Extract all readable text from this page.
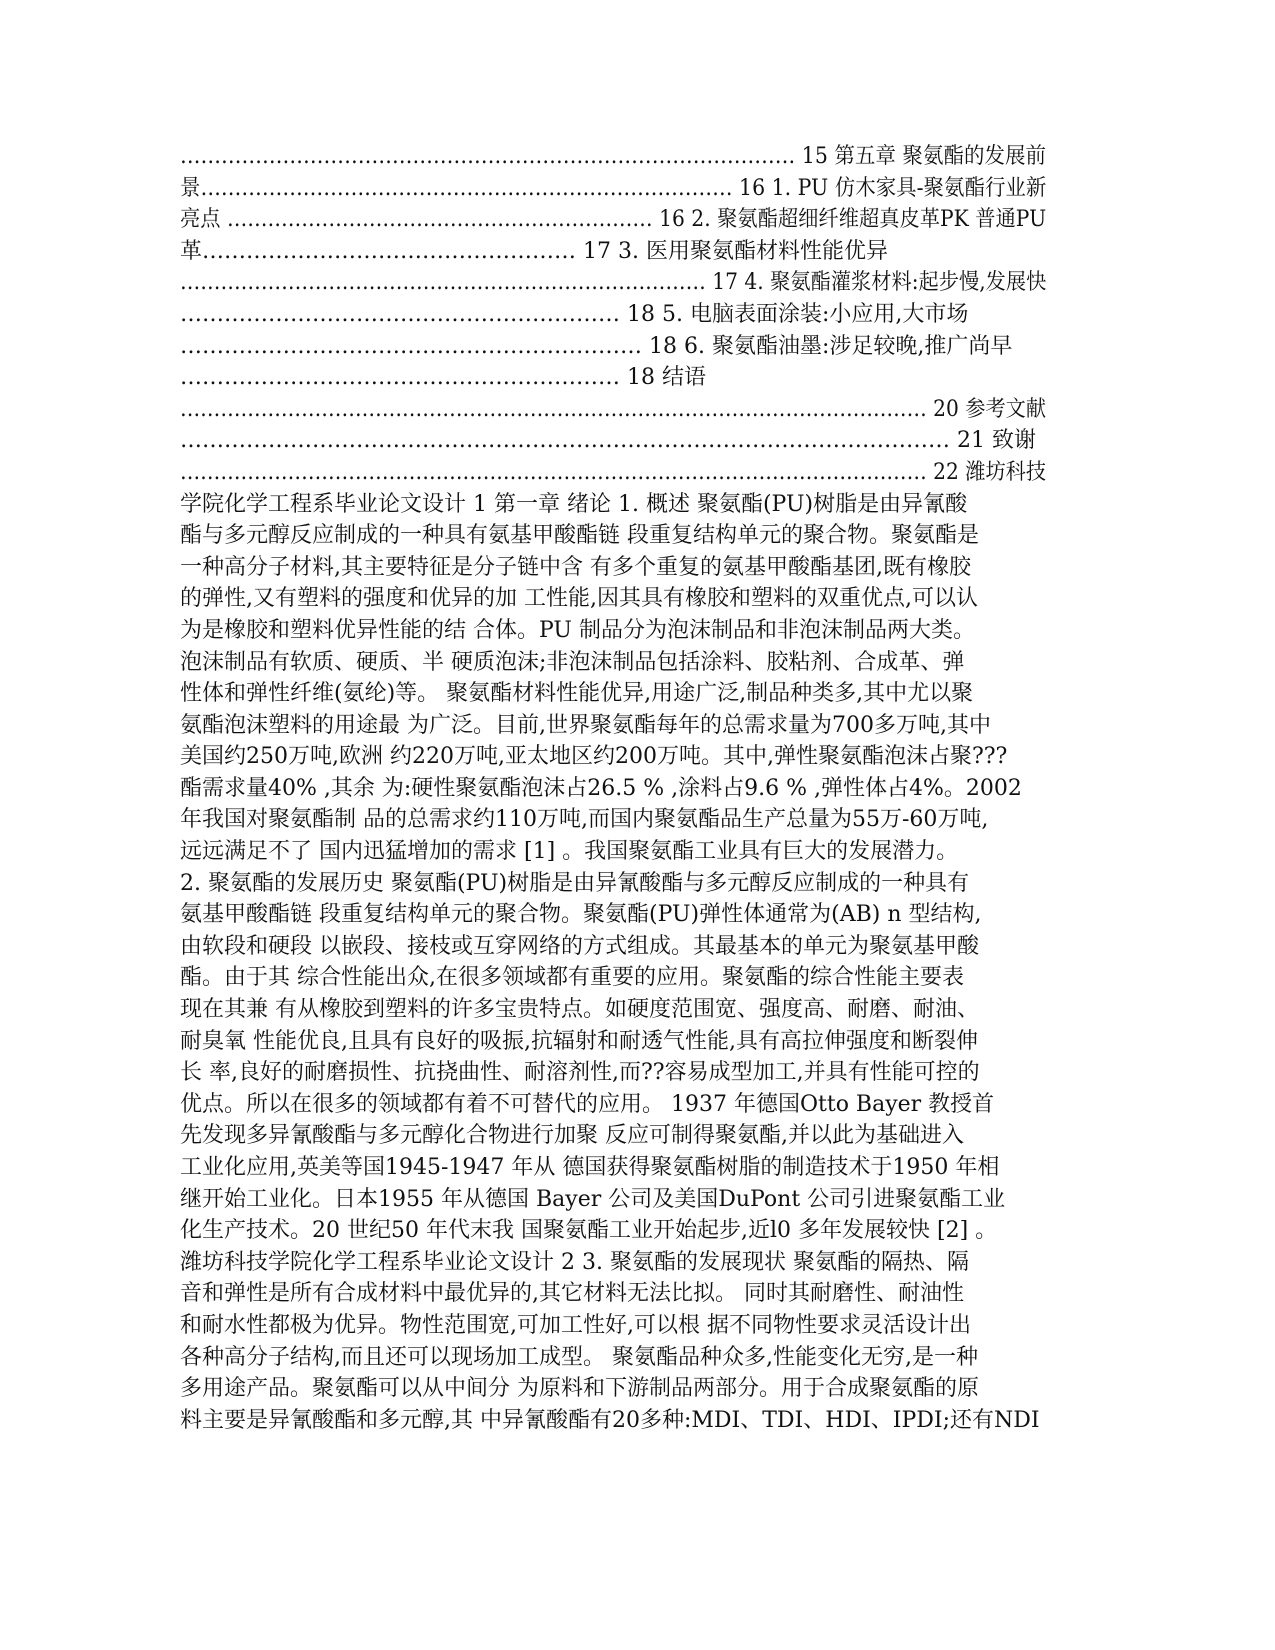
……………………………………………………………………………… 15 第五章 聚氨酯的发展前
景…………………………………………………………………… 16 1. PU 仿木家具-聚氨酯行业新
亮点 ……………………………………………………… 16 2. 聚氨酯超细纤维超真皮革PK 普通PU
革…………………………………………… 17 3. 医用聚氨酯材料性能优异
…………………………………………………………………… 17 4. 聚氨酯灌浆材料:起步慢,发展快
…………………………………………………… 18 5. 电脑表面涂装:小应用,大市场
……………………………………………………… 18 6. 聚氨酯油墨:涉足较晚,推广尚早
…………………………………………………… 18 结语
………………………………………………………………………………………………… 20 参考文献
…………………………………………………………………………………………… 21 致谢
………………………………………………………………………………………………… 22 潍坊科技
学院化学工程系毕业论文设计 1 第一章 绪论 1. 概述 聚氨酯(PU)树脂是由异氰酸
酯与多元醇反应制成的一种具有氨基甲酸酯链 段重复结构单元的聚合物。聚氨酯是
一种高分子材料,其主要特征是分子链中含 有多个重复的氨基甲酸酯基团,既有橡胶
的弹性,又有塑料的强度和优异的加 工性能,因其具有橡胶和塑料的双重优点,可以认
为是橡胶和塑料优异性能的结 合体。PU 制品分为泡沫制品和非泡沫制品两大类。
泡沫制品有软质、硬质、半 硬质泡沫;非泡沫制品包括涂料、胶粘剂、合成革、弹
性体和弹性纤维(氨纶)等。 聚氨酯材料性能优异,用途广泛,制品种类多,其中尤以聚
氨酯泡沫塑料的用途最 为广泛。目前,世界聚氨酯每年的总需求量为700多万吨,其中
美国约250万吨,欧洲 约220万吨,亚太地区约200万吨。其中,弹性聚氨酯泡沫占聚???
酯需求量40% ,其余 为:硬性聚氨酯泡沫占26.5 % ,涂料占9.6 % ,弹性体占4%。2002
年我国对聚氨酯制 品的总需求约110万吨,而国内聚氨酯品生产总量为55万-60万吨,
远远满足不了 国内迅猛增加的需求 [1] 。我国聚氨酯工业具有巨大的发展潜力。
2. 聚氨酯的发展历史 聚氨酯(PU)树脂是由异氰酸酯与多元醇反应制成的一种具有
氨基甲酸酯链 段重复结构单元的聚合物。聚氨酯(PU)弹性体通常为(AB) n 型结构,
由软段和硬段 以嵌段、接枝或互穿网络的方式组成。其最基本的单元为聚氨基甲酸
酯。由于其 综合性能出众,在很多领域都有重要的应用。聚氨酯的综合性能主要表
现在其兼 有从橡胶到塑料的许多宝贵特点。如硬度范围宽、强度高、耐磨、耐油、
耐臭氧 性能优良,且具有良好的吸振,抗辐射和耐透气性能,具有高拉伸强度和断裂伸
长 率,良好的耐磨损性、抗挠曲性、耐溶剂性,而??容易成型加工,并具有性能可控的
优点。所以在很多的领域都有着不可替代的应用。 1937 年德国Otto Bayer 教授首
先发现多异氰酸酯与多元醇化合物进行加聚 反应可制得聚氨酯,并以此为基础进入
工业化应用,英美等国1945-1947 年从 德国获得聚氨酯树脂的制造技术于1950 年相
继开始工业化。日本1955 年从德国 Bayer 公司及美国DuPont 公司引进聚氨酯工业
化生产技术。20 世纪50 年代末我 国聚氨酯工业开始起步,近l0 多年发展较快 [2] 。
潍坊科技学院化学工程系毕业论文设计 2 3. 聚氨酯的发展现状 聚氨酯的隔热、隔
音和弹性是所有合成材料中最优异的,其它材料无法比拟。 同时其耐磨性、耐油性
和耐水性都极为优异。物性范围宽,可加工性好,可以根 据不同物性要求灵活设计出
各种高分子结构,而且还可以现场加工成型。 聚氨酯品种众多,性能变化无穷,是一种
多用途产品。聚氨酯可以从中间分 为原料和下游制品两部分。用于合成聚氨酯的原
料主要是异氰酸酯和多元醇,其 中异氰酸酯有20多种:MDI、TDI、HDI、IPDI;还有NDI
